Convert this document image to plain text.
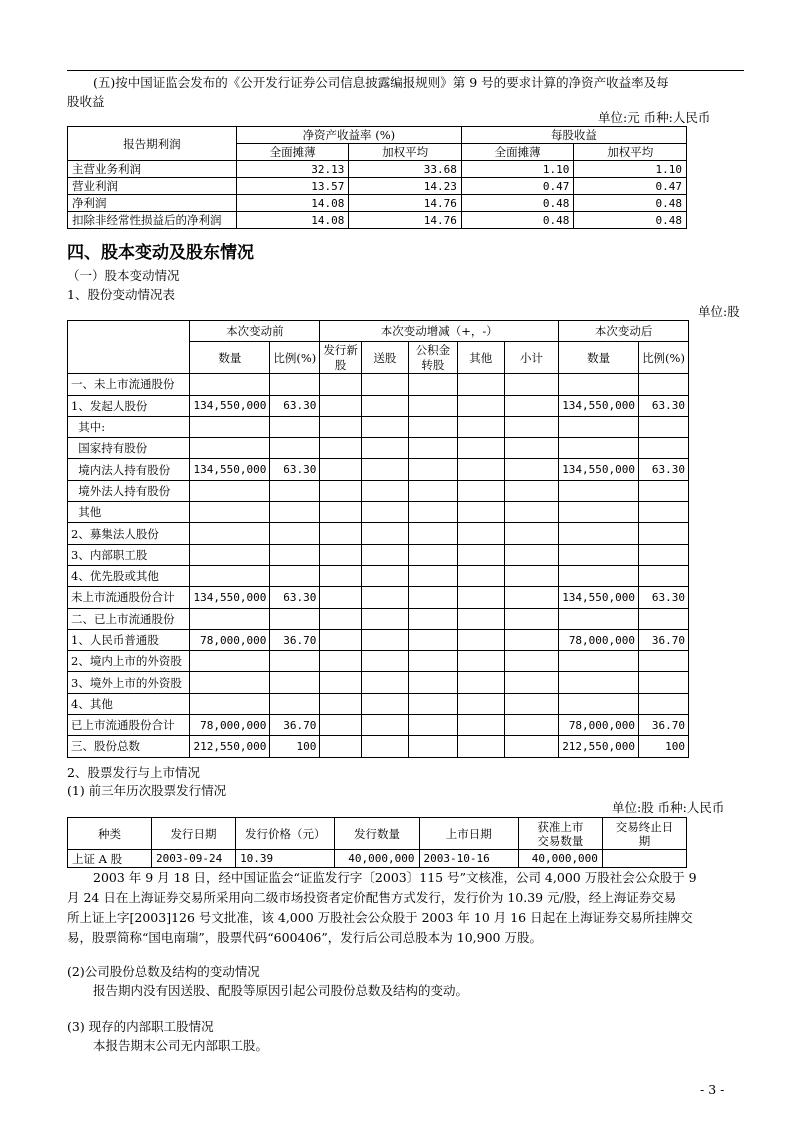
(五)按中国证监会发布的《公开发行证券公司信息披露编报规则》第 9 号的要求计算的净资产收益率及每
股收益
单位:元 币种:人民币
报告期利润	净资产收益率 (%)		每股收益	
	全面摊薄	加权平均	全面摊薄	加权平均
主营业务利润	32.13	33.68	1.10	1.10
营业利润	13.57	14.23	0.47	0.47
净利润	14.08	14.76	0.48	0.48
扣除非经常性损益后的净利润	14.08	14.76	0.48	0.48
四、股本变动及股东情况
（一）股本变动情况
1、股份变动情况表
单位:股
	本次变动前		本次变动增减（+，-）					本次变动后	
	数量	比例(%)	发行新
股	送股	公积金
转股	其他	小计	数量	比例(%)
一、未上市流通股份									
1、发起人股份	134,550,000	63.30						134,550,000	63.30
其中:									
国家持有股份									
境内法人持有股份	134,550,000	63.30						134,550,000	63.30
境外法人持有股份									
其他									
2、募集法人股份									
3、内部职工股									
4、优先股或其他									
未上市流通股份合计	134,550,000	63.30						134,550,000	63.30
二、已上市流通股份									
1、人民币普通股	78,000,000	36.70						78,000,000	36.70
2、境内上市的外资股									
3、境外上市的外资股									
4、其他									
已上市流通股份合计	78,000,000	36.70						78,000,000	36.70
三、股份总数	212,550,000	100						212,550,000	100
2、股票发行与上市情况
(1) 前三年历次股票发行情况
单位:股 币种:人民币
种类	发行日期	发行价格（元）	发行数量	上市日期	获准上市
交易数量	交易终止日
期
上证 A 股	2003-09-24	10.39	40,000,000	2003-10-16	40,000,000	
2003 年 9 月 18 日，经中国证监会“证监发行字〔2003〕115 号”文核准，公司 4,000 万股社会公众股于 9
月 24 日在上海证券交易所采用向二级市场投资者定价配售方式发行，发行价为 10.39 元/股，经上海证券交易
所上证上字[2003]126 号文批准，该 4,000 万股社会公众股于 2003 年 10 月 16 日起在上海证券交易所挂牌交
易，股票简称“国电南瑞”，股票代码“600406”，发行后公司总股本为 10,900 万股。
(2)公司股份总数及结构的变动情况
报告期内没有因送股、配股等原因引起公司股份总数及结构的变动。
(3) 现存的内部职工股情况
本报告期末公司无内部职工股。
- 3 -
